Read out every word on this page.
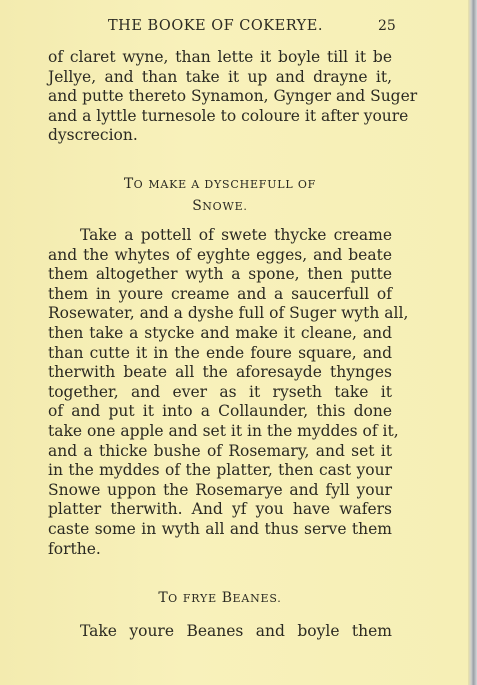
THE BOOKE OF COKERYE.	25
of claret wyne, than lette it boyle till it be
Jellye, and than take it up and drayne it,
and putte thereto Synamon, Gynger and Suger
and a lyttle turnesole to coloure it after youre
dyscrecion.
TO MAKE A DYSCHEFULL OF
SNOWE.
Take a pottell of swete thycke creame
and the whytes of eyghte egges, and beate
them altogether wyth a spone, then putte
them in youre creame and a saucerfull of
Rosewater, and a dyshe full of Suger wyth all,
then take a stycke and make it cleane, and
than cutte it in the ende foure square, and
therwith beate all the aforesayde thynges
together, and ever as it ryseth take it
of and put it into a Collaunder, this done
take one apple and set it in the myddes of it,
and a thicke bushe of Rosemary, and set it
in the myddes of the platter, then cast your
Snowe uppon the Rosemarye and fyll your
platter therwith. And yf you have wafers
caste some in wyth all and thus serve them
forthe.
TO FRYE BEANES.
Take youre Beanes and boyle them
